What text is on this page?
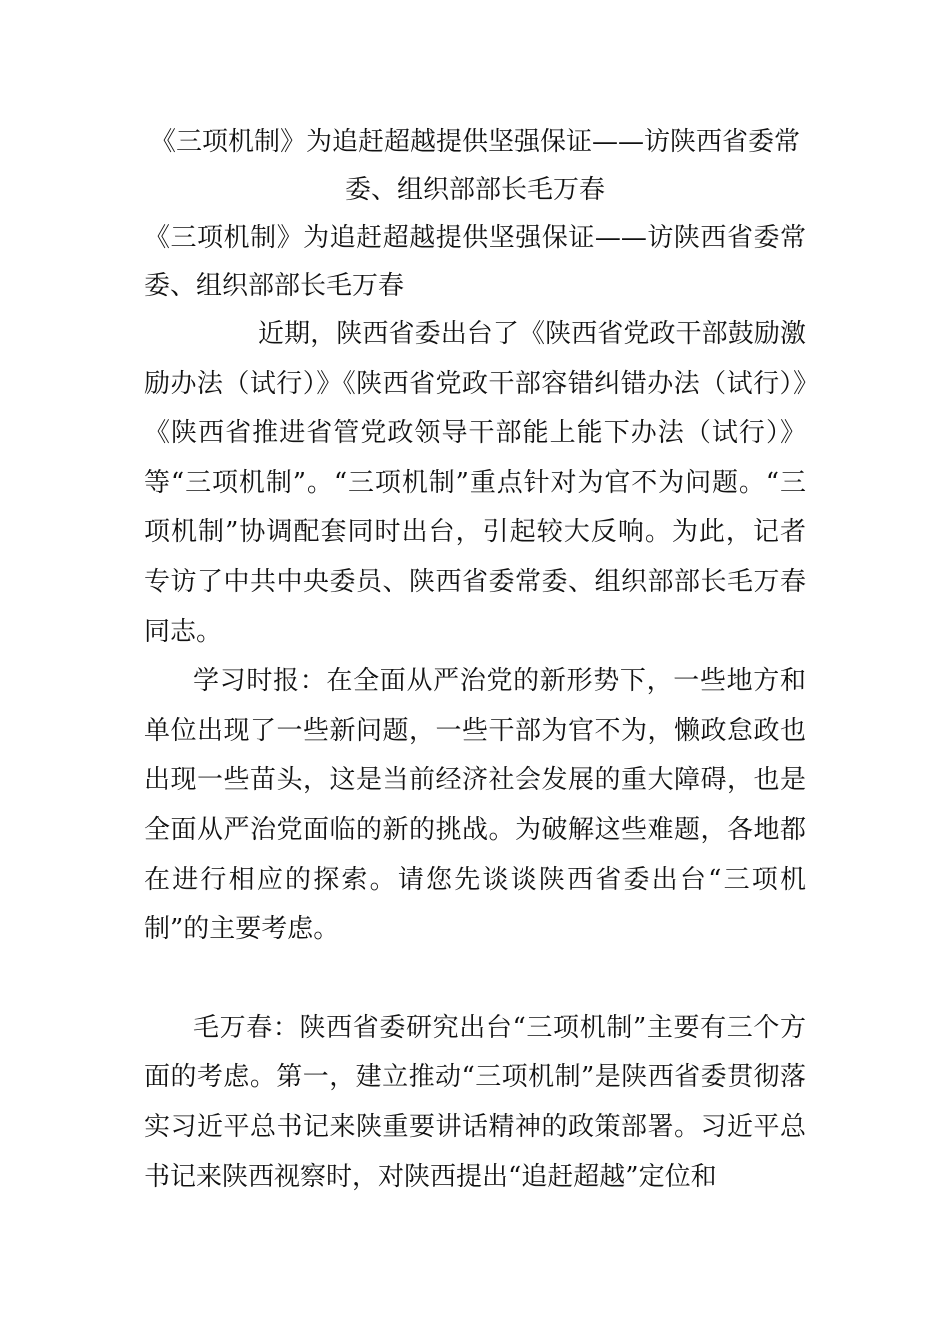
《三项机制》为追赶超越提供坚强保证——访陕西省委常委、组织部部长毛万春

《三项机制》为追赶超越提供坚强保证——访陕西省委常委、组织部部长毛万春

近期，陕西省委出台了《陕西省党政干部鼓励激励办法（试行）》《陕西省党政干部容错纠错办法（试行）》《陕西省推进省管党政领导干部能上能下办法（试行）》等“三项机制”。“三项机制”重点针对为官不为问题。“三项机制”协调配套同时出台，引起较大反响。为此，记者专访了中共中央委员、陕西省委常委、组织部部长毛万春同志。

学习时报：在全面从严治党的新形势下，一些地方和单位出现了一些新问题，一些干部为官不为，懒政怠政也出现一些苗头，这是当前经济社会发展的重大障碍，也是全面从严治党面临的新的挑战。为破解这些难题，各地都在进行相应的探索。请您先谈谈陕西省委出台“三项机制”的主要考虑。

毛万春：陕西省委研究出台“三项机制”主要有三个方面的考虑。第一，建立推动“三项机制”是陕西省委贯彻落实习近平总书记来陕重要讲话精神的政策部署。习近平总书记来陕西视察时，对陕西提出“追赶超越”定位和
